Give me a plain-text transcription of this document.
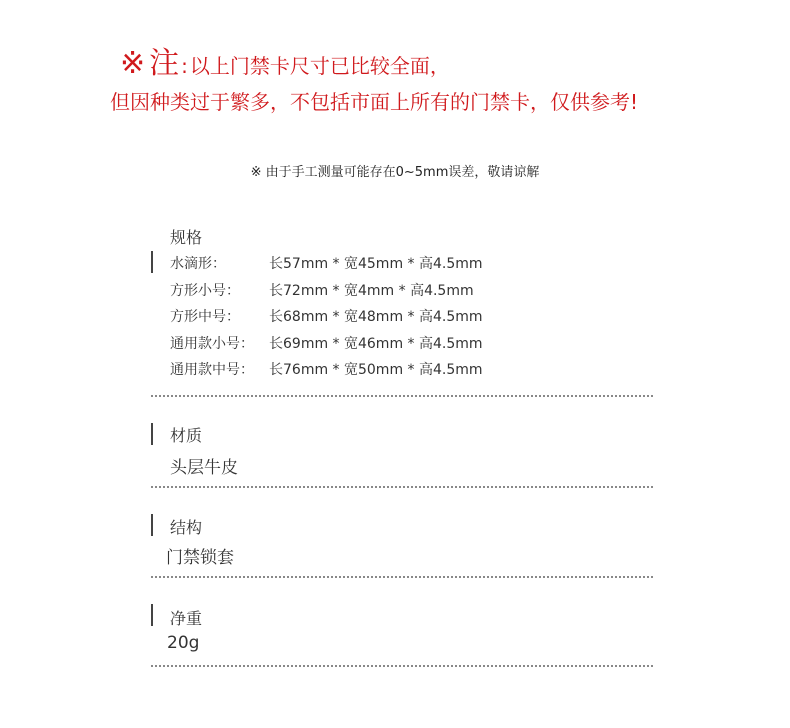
※ 注 : 以上门禁卡尺寸已比较全面，
但因种类过于繁多，不包括市面上所有的门禁卡，仅供参考!
※ 由于手工测量可能存在0~5mm误差，敬请谅解
规格
水滴形：	长57mm * 宽45mm * 高4.5mm
方形小号：	长72mm * 宽4mm * 高4.5mm
方形中号：	长68mm * 宽48mm * 高4.5mm
通用款小号：	长69mm * 宽46mm * 高4.5mm
通用款中号：	长76mm * 宽50mm * 高4.5mm
材质
头层牛皮
结构
门禁锁套
净重
20g
